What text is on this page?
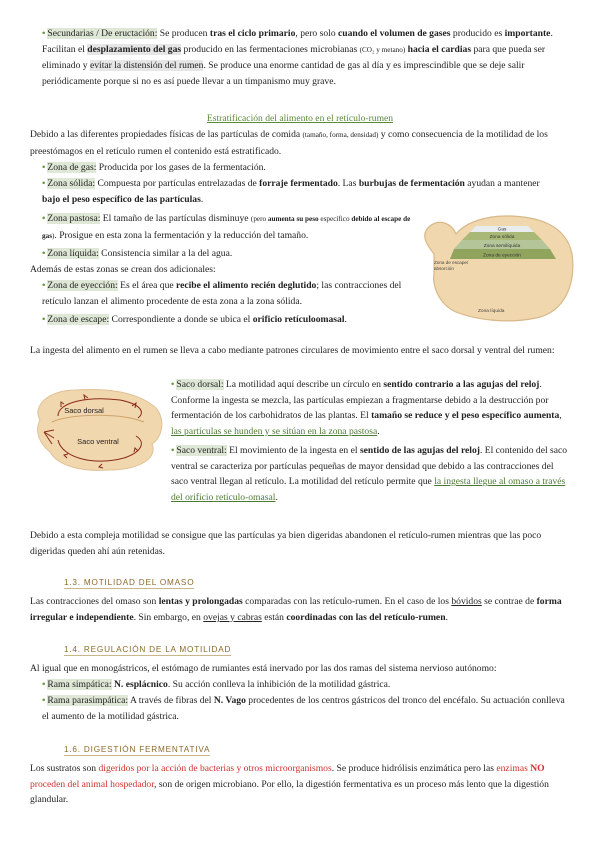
• Secundarias / De eructación: Se producen tras el ciclo primario, pero solo cuando el volumen de gases producido es importante. Facilitan el desplazamiento del gas producido en las fermentaciones microbianas (CO₂ y metano) hacia el cardias para que pueda ser eliminado y evitar la distensión del rumen. Se produce una enorme cantidad de gas al día y es imprescindible que se deje salir periódicamente porque si no es así puede llevar a un timpanismo muy grave.
Estratificación del alimento en el retículo-rumen
Debido a las diferentes propiedades físicas de las partículas de comida (tamaño, forma, densidad) y como consecuencia de la motilidad de los preestómagos en el retículo rumen el contenido está estratificado.
• Zona de gas: Producida por los gases de la fermentación.
• Zona sólida: Compuesta por partículas entrelazadas de forraje fermentado. Las burbujas de fermentación ayudan a mantener bajo el peso específico de las partículas.
• Zona pastosa: El tamaño de las partículas disminuye (pero aumenta su peso específico debido al escape de gas). Prosigue en esta zona la fermentación y la reducción del tamaño.
• Zona líquida: Consistencia similar a la del agua.
Además de estas zonas se crean dos adicionales:
• Zona de eyección: Es el área que recibe el alimento recién deglutido; las contracciones del retículo lanzan el alimento procedente de esta zona a la zona sólida.
• Zona de escape: Correspondiente a donde se ubica el orificio retículoomasal.
Gas
Zona sólida
Zona semilíquida
Zona de eyección
Zona de escape/ absorción
Zona líquida
La ingesta del alimento en el rumen se lleva a cabo mediante patrones circulares de movimiento entre el saco dorsal y ventral del rumen:
Saco dorsal
Saco ventral
• Saco dorsal: La motilidad aquí describe un círculo en sentido contrario a las agujas del reloj. Conforme la ingesta se mezcla, las partículas empiezan a fragmentarse debido a la destrucción por fermentación de los carbohidratos de las plantas. El tamaño se reduce y el peso específico aumenta, las partículas se hunden y se sitúan en la zona pastosa.
• Saco ventral: El movimiento de la ingesta en el sentido de las agujas del reloj. El contenido del saco ventral se caracteriza por partículas pequeñas de mayor densidad que debido a las contracciones del saco ventral llegan al retículo. La motilidad del retículo permite que la ingesta llegue al omaso a través del orificio retículo-omasal.
Debido a esta compleja motilidad se consigue que las partículas ya bien digeridas abandonen el retículo-rumen mientras que las poco digeridas queden ahí aún retenidas.
1.3. MOTILIDAD DEL OMASO
Las contracciones del omaso son lentas y prolongadas comparadas con las retículo-rumen. En el caso de los bóvidos se contrae de forma irregular e independiente. Sin embargo, en ovejas y cabras están coordinadas con las del retículo-rumen.
1.4. REGULACIÓN DE LA MOTILIDAD
Al igual que en monogástricos, el estómago de rumiantes está inervado por las dos ramas del sistema nervioso autónomo:
• Rama simpática: N. esplácnico. Su acción conlleva la inhibición de la motilidad gástrica.
• Rama parasimpática: A través de fibras del N. Vago procedentes de los centros gástricos del tronco del encéfalo. Su actuación conlleva el aumento de la motilidad gástrica.
1.6. DIGESTIÓN FERMENTATIVA
Los sustratos son digeridos por la acción de bacterias y otros microorganismos. Se produce hidrólisis enzimática pero las enzimas NO proceden del animal hospedador, son de origen microbiano. Por ello, la digestión fermentativa es un proceso más lento que la digestión glandular.
